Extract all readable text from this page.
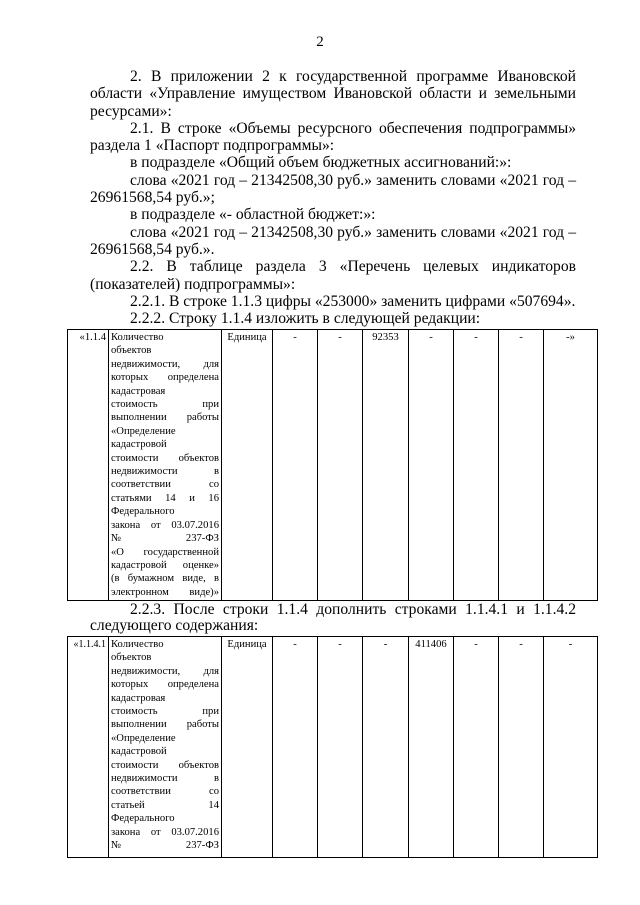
2
2. В приложении 2 к государственной программе Ивановской
области «Управление имуществом Ивановской области и земельными
ресурсами»:
2.1. В строке «Объемы ресурсного обеспечения подпрограммы»
раздела 1 «Паспорт подпрограммы»:
в подразделе «Общий объем бюджетных ассигнований:»:
слова «2021 год – 21342508,30 руб.» заменить словами «2021 год –
26961568,54 руб.»;
в подразделе «- областной бюджет:»:
слова «2021 год – 21342508,30 руб.» заменить словами «2021 год –
26961568,54 руб.».
2.2. В таблице раздела 3 «Перечень целевых индикаторов
(показателей) подпрограммы»:
2.2.1. В строке 1.1.3 цифры «253000» заменить цифрами «507694».
2.2.2. Строку 1.1.4 изложить в следующей редакции:
«1.1.4	Количество
объектов
недвижимости, для
которых определена
кадастровая
стоимость при
выполнении работы
«Определение
кадастровой
стоимости объектов
недвижимости в
соответствии со
статьями 14 и 16
Федерального
закона от 03.07.2016
№ 237-ФЗ
«О государственной
кадастровой оценке»
(в бумажном виде, в
электронном виде)»
	Единица	-	-	92353	-	-	-	-»
2.2.3. После строки 1.1.4 дополнить строками 1.1.4.1 и 1.1.4.2
следующего содержания:
«1.1.4.1	Количество
объектов
недвижимости, для
которых определена
кадастровая
стоимость при
выполнении работы
«Определение
кадастровой
стоимости объектов
недвижимости в
соответствии со
статьей 14
Федерального
закона от 03.07.2016
№ 237-ФЗ
	Единица	-	-	-	411406	-	-	-
